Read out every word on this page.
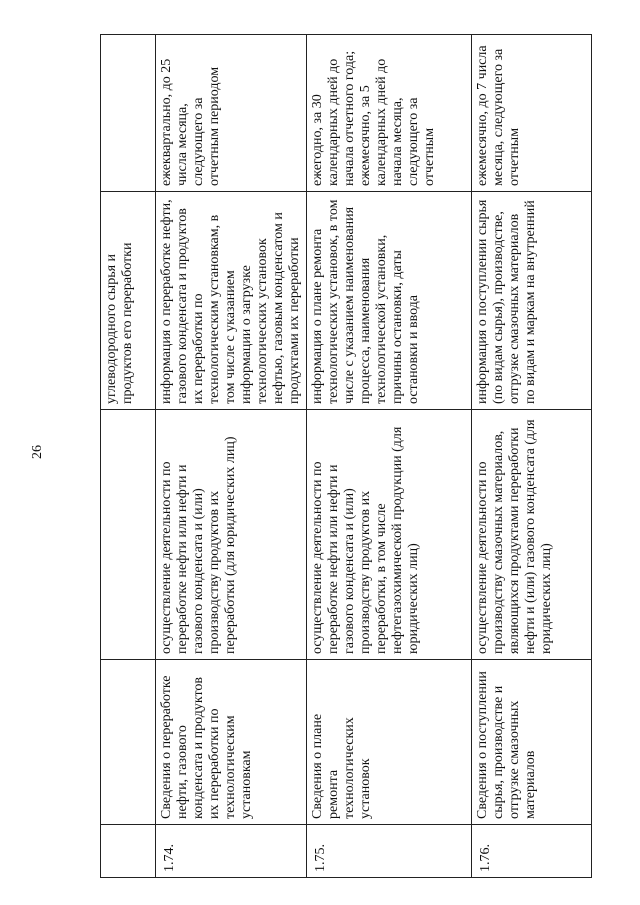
26
			углеводородного сырья и продуктов его переработки	
1.74.	Сведения о переработке нефти, газового конденсата и продуктов их переработки по технологическим установкам	осуществление деятельности по переработке нефти или нефти и газового конденсата и (или) производству продуктов их переработки (для юридических лиц)	информация о переработке нефти, газового конденсата и продуктов их переработки по технологическим установкам, в том числе с указанием информации о загрузке технологических установок нефтью, газовым конденсатом и продуктами их переработки	ежеквартально, до 25 числа месяца, следующего за отчетным периодом
1.75.	Сведения о плане ремонта технологических установок	осуществление деятельности по переработке нефти или нефти и газового конденсата и (или) производству продуктов их переработки, в том числе нефтегазохимической продукции (для юридических лиц)	информация о плане ремонта технологических установок, в том числе с указанием наименования процесса, наименования технологической установки, причины остановки, даты остановки и ввода	ежегодно, за 30 календарных дней до начала отчетного года; ежемесячно, за 5 календарных дней до начала месяца, следующего за отчетным
1.76.	Сведения о поступлении сырья, производстве и отгрузке смазочных материалов	осуществление деятельности по производству смазочных материалов, являющихся продуктами переработки нефти и (или) газового конденсата (для юридических лиц)	информация о поступлении сырья (по видам сырья), производстве, отгрузке смазочных материалов по видам и маркам на внутренний	ежемесячно, до 7 числа месяца, следующего за отчетным
